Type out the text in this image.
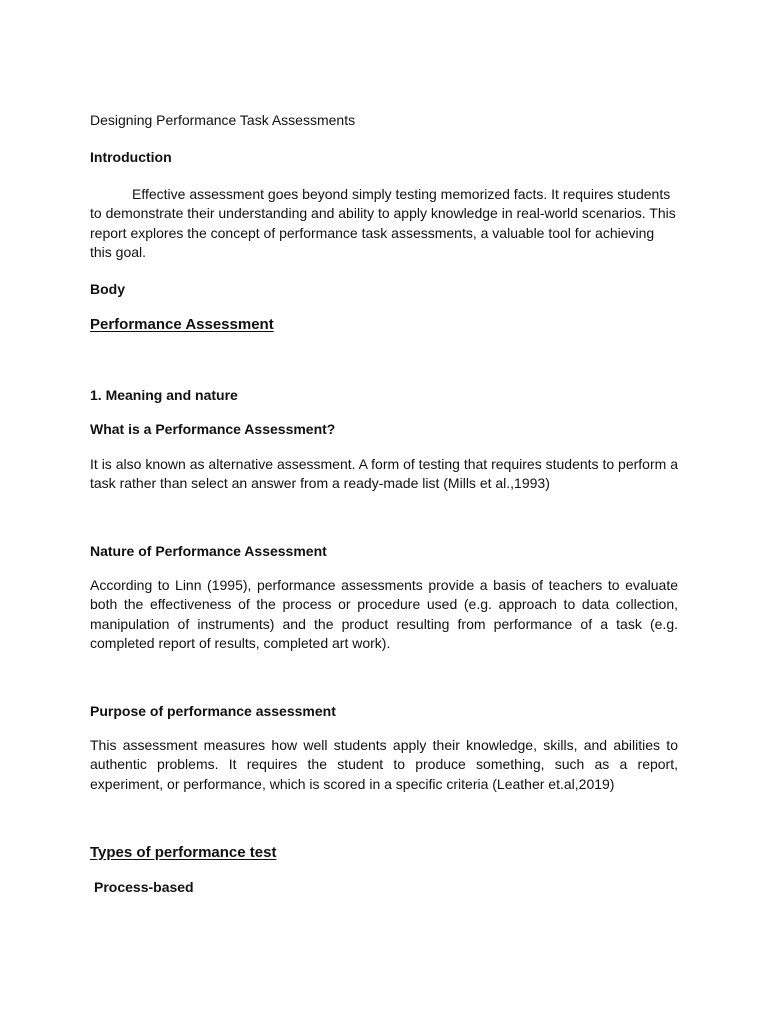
Designing Performance Task Assessments
Introduction
Effective assessment goes beyond simply testing memorized facts. It requires students to demonstrate their understanding and ability to apply knowledge in real-world scenarios. This report explores the concept of performance task assessments, a valuable tool for achieving this goal.
Body
Performance Assessment
1. Meaning and nature
What is a Performance Assessment?
It is also known as alternative assessment. A form of testing that requires students to perform a task rather than select an answer from a ready-made list (Mills et al.,1993)
Nature of Performance Assessment
According to Linn (1995), performance assessments provide a basis of teachers to evaluate both the effectiveness of the process or procedure used (e.g. approach to data collection, manipulation of instruments) and the product resulting from performance of a task (e.g. completed report of results, completed art work).
Purpose of performance assessment
This assessment measures how well students apply their knowledge, skills, and abilities to authentic problems. It requires the student to produce something, such as a report, experiment, or performance, which is scored in a specific criteria (Leather et.al,2019)
Types of performance test
Process-based
